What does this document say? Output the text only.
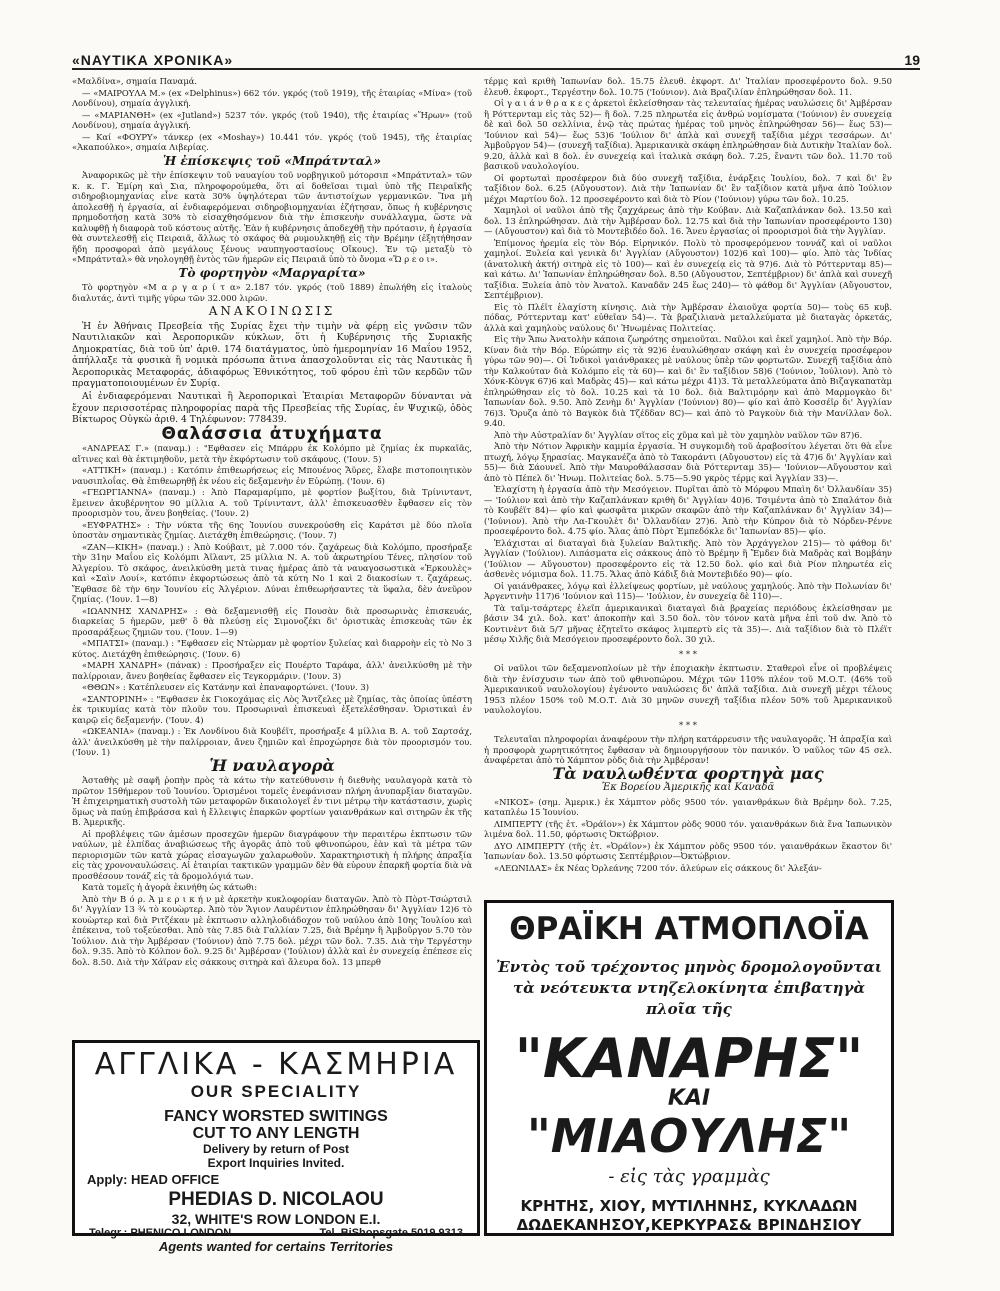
«ΝΑΥΤΙΚΑ ΧΡΟΝΙΚΑ»	19

«Μαλδίνα», σημαία Παναμά.

— «ΜΑΙΡΟΥΛΑ Μ.» (ex «Delphinus») 662 τόν. γκρός (τοῦ 1919), τῆς ἑταιρίας «Μίνα» (τοῦ Λονδίνου), σημαία ἀγγλική.

— «ΜΑΡΙΑΝΘΗ» (ex «Jutland») 5237 τόν. γκρός (τοῦ 1940), τῆς ἑταιρίας «Ἥρων» (τοῦ Λονδίνου), σημαία ἀγγλική.

— Καί «ΦΟΥΡΥ» τάνκερ (ex «Moshay») 10.441 τόν. γκρός (τοῦ 1945), τῆς ἑταιρίας «Ἀκαπούλκο», σημαία Λιβερίας.

Ἡ ἐπίσκεψις τοῦ «Μπράτνταλ»

Ἀναφορικῶς μὲ τὴν ἐπίσκεψιν τοῦ ναυαγίου τοῦ νορβηγικοῦ μότορσιπ «Μπράτνταλ» τῶν κ. κ. Γ. Ἐμίρη καὶ Σια, πληροφορούμεθα, ὅτι αἱ δοθεῖσαι τιμαὶ ὑπὸ τῆς Πειραϊκῆς σιδηροβιομηχανίας εἶνε κατὰ 30% ὑψηλότεραι τῶν ἀντιστοίχων γερμανικῶν. Ἵνα μὴ ἀπολεσθῇ ἡ ἐργασία, αἱ ἐνδιαφερόμεναι σιδηροβιομηχανίαι ἐζήτησαν, ὅπως ἡ κυβέρνησις πρημοδοτήσῃ κατὰ 30% τὸ εἰσαχθησόμενον διὰ τὴν ἐπισκευὴν συνάλλαγμα, ὥστε νὰ καλυφθῇ ἡ διαφορὰ τοῦ κόστους αὐτῆς. Ἐὰν ἡ κυβέρνησις ἀποδεχθῇ τὴν πρότασιν, ἡ ἐργασία θὰ συντελεσθῇ εἰς Πειραιᾶ, ἄλλως τὸ σκάφος θὰ ρυμουλκηθῇ εἰς τὴν Βρέμην (ἐξητήθησαν ἤδη προσφοραὶ ἀπὸ μεγάλους ξένους ναυπηγοστασίους Οἴκους). Ἐν τῷ μεταξὺ τὸ «Μπράτνταλ» θὰ νηολογηθῇ ἐντὸς τῶν ἡμερῶν εἰς Πειραιᾶ ὑπὸ τὸ ὄνομα «Ὥ ρ ε ο ι».

Τὸ φορτηγὸν «Μαργαρίτα»

Τὸ φορτηγὸν «Μ α ρ γ α ρ ί τ α» 2.187 τόν. γκρός (τοῦ 1889) ἐπωλήθη εἰς ἰταλοὺς διαλυτάς, ἀντὶ τιμῆς γύρω τῶν 32.000 λιρῶν.

ΑΝΑΚΟΙΝΩΣΙΣ

Ἡ ἐν Ἀθήναις Πρεσβεία τῆς Συρίας ἔχει τὴν τιμὴν νὰ φέρῃ εἰς γνῶσιν τῶν Ναυτιλιακῶν καὶ Ἀεροπορικῶν κύκλων, ὅτι ἡ Κυβέρνησις τῆς Συριακῆς Δημοκρατίας, διὰ τοῦ ὑπ' ἀριθ. 174 διατάγματος, ὑπὸ ἡμερομηνίαν 16 Μαΐου 1952, ἀπήλλαξε τὰ φυσικὰ ἢ νομικὰ πρόσωπα ἅτινα ἀπασχολοῦνται εἰς τὰς Ναυτικὰς ἢ Ἀεροπορικὰς Μεταφοράς, ἀδιαφόρως Ἐθνικότητος, τοῦ φόρου ἐπὶ τῶν κερδῶν τῶν πραγματοποιουμένων ἐν Συρίᾳ.

Αἱ ἐνδιαφερόμεναι Ναυτικαὶ ἢ Ἀεροπορικαὶ Ἑταιρίαι Μεταφορῶν δύνανται νὰ ἔχουν περισσοτέρας πληροφορίας παρὰ τῆς Πρεσβείας τῆς Συρίας, ἐν Ψυχικῷ, ὁδὸς Βίκτωρος Οὐγκὼ ἀριθ. 4 Τηλέφωνον: 778439.

Θαλάσσια ἀτυχήματα

«ΑΝΔΡΕΑΣ Γ.» (παναμ.) : "Εφθασεν εἰς Μπάρρυ ἐκ Κολόμπο μὲ ζημίας ἐκ πυρκαϊᾶς, αἴτινες καὶ θὰ ἐκτιμηθοῦν, μετὰ τὴν ἐκφόρτωσιν τοῦ σκάφους. ('Ιουν. 5)

«ΑΤΤΙΚΗ» (παναμ.) : Κατόπιν ἐπιθεωρήσεως εἰς Μπουένος Ἄϋρες, ἔλαβε πιστοποιητικὸν ναυσιπλοΐας. Θὰ ἐπιθεωρηθῇ ἐκ νέου εἰς δεξαμενὴν ἐν Εὐρώπῃ. ('Ιουν. 6)

«ΓΕΩΡΓΙΑΝΝΑ» (παναμ.) : Ἀπὸ Παραμαρίμπο, μὲ φορτίον βωξίτου, διὰ Τρίνινταντ, ἔμεινεν ἀκυβέρνητον 90 μίλλια Α. τοῦ Τρίνινταντ, ἀλλ' ἐπισκευασθὲν ἔφθασεν εἰς τὸν προορισμὸν του, ἄνευ βοηθείας. ('Ιουν. 2)

«ΕΥΦΡΑΤΗΣ» : Τὴν νύκτα τῆς 6ης Ἰουνίου συνεκρούσθη εἰς Καράτσι μὲ δύο πλοῖα ὑποστὰν σημαντικὰς ζημίας. Διετάχθη ἐπιθεώρησις. ('Ιουν. 7)

«ΖΑΝ—ΚΙΚΗ» (παναμ.) : Ἀπὸ Κούβαιτ, μὲ 7.000 τόν. ζαχάρεως διὰ Κολόμπο, προσήραξε τὴν 31ην Μαΐου εἰς Κολόμπι Ἀϊλαντ, 25 μίλλια Ν. Α. τοῦ ἀκρωτηρίου Τένες, πλησίον τοῦ Ἀλγερίου. Τὸ σκάφος, ἀνειλκύσθη μετὰ τινας ἡμέρας ἀπὸ τὰ ναυαγοσωστικὰ «Ἑρκουλὲς» καὶ «Σαὶν Λουί», κατόπιν ἐκφορτώσεως ἀπὸ τὰ κύτη No 1 καὶ 2 διακοσίων τ. ζαχάρεως. Ἔφθασε δὲ τὴν 6ην Ἰουνίου εἰς Ἀλγέριον. Δύναι ἐπιθεωρήσαντες τὰ ὕφαλα, δὲν ἀνεῦρον ζημίας. ('Ιουν. 1—8)

«ΙΩΑΝΝΗΣ ΧΑΝΔΡΗΣ» : Θὰ δεξαμενισθῇ εἰς Πουσὰν διὰ προσωρινὰς ἐπισκευάς, διαρκείας 5 ἡμερῶν, μεθ' ὃ θὰ πλεύσῃ εἰς Σιμονοζέκι δι' ὁριστικὰς ἐπισκευὰς τῶν ἐκ προσαράξεως ζημιῶν του. ('Ιουν. 1—9)

«ΜΠΑΤΣΙ» (παναμ.) : "Εφθασεν εἰς Ντὼρμαν μὲ φορτίον ξυλείας καὶ διαρροὴν εἰς τὸ Νο 3 κύτος. Διετάχθη ἐπιθεώρησις. ('Ιουν. 6)

«ΜΑΡΗ ΧΑΝΔΡΗ» (πάνακ) : Προσήραξεν εἰς Πουέρτο Ταράφα, ἀλλ' ἀνειλκύσθη μὲ τὴν παλίρροιαν, ἄνευ βοηθείας ἔφθασεν εἰς Τεγκορμάριν. ('Ιουν. 3)

«ΘΘΩΝ» : Κατέπλευσεν εἰς Κατάνην καὶ ἐπαναφορτώνει. ('Ιουν. 3)

«ΣΑΝΤΟΡΙΝΗ» : "Εφθασεν ἐκ Γιοκοχάμας εἰς Λὸς Ἄντζελες μὲ ζημίας, τὰς ὁποίας ὑπέστη ἐκ τρικυμίας κατὰ τὸν πλοῦν του. Προσωριναὶ ἐπισκευαὶ ἐξετελέσθησαν. Ὁριστικαὶ ἐν καιρῷ εἰς δεξαμενήν. ('Ιουν. 4)

«ΩΚΕΑΝΙΑ» (παναμ.) : Ἐκ Λονδίνου διὰ Κουβέϊτ, προσήραξε 4 μίλλια Β. Α. τοῦ Σαρτσάχ, ἀλλ' ἀνειλκύσθη μὲ τὴν παλίρροιαν, ἄνευ ζημιῶν καὶ ἐπροχώρησε διὰ τὸν προορισμόν του. ('Ιουν. 1)

Ἡ ναυλαγορὰ

Ἀσταθὴς μὲ σαφῆ ῥοπὴν πρὸς τὰ κάτω τὴν κατεύθυνσιν ἡ διεθνὴς ναυλαγορὰ κατὰ τὸ πρῶτον 15θήμερον τοῦ Ἰουνίου. Ὁρισμένοι τομεῖς ἐνεφάνισαν πλήρη ἀνυπαρξίαν διαταγῶν. Ἡ ἐπιχειρηματικὴ συστολὴ τῶν μεταφορῶν δικαιολογεῖ ἐν τινι μέτρῳ τὴν κατάστασιν, χωρὶς ὅμως νὰ παύῃ ἐπιβράσσα καὶ ἡ ἔλλειψις ἐπαρκῶν φορτίων γαιανθράκων καὶ σιτηρῶν ἐκ τῆς Β. Ἀμερικῆς.

Αἱ προβλέψεις τῶν ἀμέσων προσεχῶν ἡμερῶν διαγράφουν τὴν περαιτέρω ἐκπτωσιν τῶν ναύλων, μὲ ἐλπίδας ἀναβιώσεως τῆς ἀγορᾶς ἀπὸ τοῦ φθινοπώρου, ἐὰν καὶ τὰ μέτρα τῶν περιορισμῶν τῶν κατὰ χώρας εἰσαγωγῶν χαλαρωθοῦν. Χαρακτηριστικὴ ἡ πλήρης ἀπραξία εἰς τὰς χρονοναυλώσεις. Αἱ ἑταιρίαι τακτικῶν γραμμῶν δὲν θὰ εὑρουν ἐπαρκῆ φορτία διὰ νὰ προσθέσουν τονάζ εἰς τὰ δρομολόγιά των.

Κατὰ τομεῖς ἡ ἀγορὰ ἐκινήθη ὡς κάτωθι:

Ἀπὸ τὴν Β ό ρ. Ἀ μ ε ρ ι κ ή ν μὲ ἀρκετὴν κυκλοφορίαν διαταγῶν. Ἀπὸ τὸ Πὸρτ-Τσώρτσιλ δι' Ἀγγλίαν 13 ¾ τὸ κουὼρτερ. Ἀπὸ τὸν Ἅγιον Λαυρέντιον ἐπληρώθησαν δι' Ἀγγλίαν 12)6 τὸ κουὼρτερ καὶ διὰ Ριτζέκαν μὲ ἐκπτωσιν αλληλοδιάδοχον τοῦ ναύλου ἀπὸ 10ης Ἰουλίου καὶ ἐπέκεινα, τοῦ τοξεύεσθαι. Ἀπὸ τὰς 7.85 διὰ Γαλλίαν 7.25, διὰ Βρέμην ἢ Ἀμβοῦργον 5.70 τὸν Ἰούλιον. Διὰ τὴν Ἀμβέρσαν ('Ιούνιον) ἀπὸ 7.75 δολ. μέχρι τῶν δολ. 7.35. Διὰ τὴν Τεργέστην δολ. 9.35. Ἀπὸ τὸ Κόλπον δολ. 9.25 δι' Ἀμβέρσαν ('Ιούλιον) ἀλλὰ καὶ ἐν συνεχείᾳ ἐπέπεσε εἰς δολ. 8.50. Διὰ τὴν Χάϊραν εἰς σάκκους σιτηρὰ καὶ ἄλευρα δολ. 13 μπερθ

ΑΓΓΛΙΚΑ - ΚΑΣΜΗΡΙΑ
OUR SPECIALITY
FANCY WORSTED SWITINGS
CUT TO ANY LENGTH
Delivery by return of Post
Export Inquiries Invited.
Apply: HEAD OFFICE
PHEDIAS D. NICOLAOU
32, WHITE'S ROW LONDON E.I.
Telegr.: PHENICO LONDON	Tel. BiShopsgate 5019 9313
Agents wanted for certains Territories

τέρμς καὶ κριθὴ Ἰαπωνίαν δολ. 15.75 ἐλευθ. ἐκφορτ. Δι' Ἰταλίαν προσεφέροντο δολ. 9.50 ἐλευθ. ἐκφορτ., Τεργέστην δολ. 10.75 ('Ιούνιον). Διὰ Βραζιλίαν ἐπληρώθησαν δολ. 11.

Οἱ γ α ι ά ν θ ρ α κ ε ς ἀρκετοὶ ἐκλείσθησαν τὰς τελευταίας ἡμέρας ναυλώσεις δι' Ἀμβέρσαν ἢ Ρόττερνταμ εἰς τὰς 52)— ἢ δολ. 7.25 πληρωτέα εἰς ἀνθρώ νομίσματα ('Ιούνιον) ἐν συνεχείᾳ δὲ καὶ δολ 50 σελλίνια, ἐνῷ τὰς πρώτας ἡμέρας τοῦ μηνὸς ἐπληρώθησαν 56)— ἕως 53)— 'Ιούνιον καὶ 54)— ἕως 53)6 'Ιούλιον δι' ἁπλὰ καὶ συνεχῆ ταξίδια μέχρι τεσσάρων. Δι' Ἀμβοῦργον 54)— (συνεχῆ ταξίδια). Ἀμερικανικὰ σκάφη ἐπληρώθησαν διὰ Δυτικὴν Ἰταλίαν δολ. 9.20, ἀλλὰ καὶ 8 δολ. ἐν συνεχείᾳ καὶ ἰταλικὰ σκάφη δολ. 7.25, ἔναντι τῶν δολ. 11.70 τοῦ βασικοῦ ναυλολογίου.

Οἱ φορτωταὶ προσέφερον διὰ δύο συνεχῆ ταξίδια, ἐνάρξεις Ἰουλίου, δολ. 7 καὶ δι' ἓν ταξίδιον δολ. 6.25 (Αὔγουστον). Διὰ τὴν Ἰαπωνίαν δι' ἓν ταξίδιον κατὰ μῆνα ἀπὸ Ἰούλιον μέχρι Μαρτίου δολ. 12 προσεφέροντο καὶ διὰ τὸ Ρίον ('Ιούνιον) γύρω τῶν δολ. 10.25.

Χαμηλοὶ οἱ ναῦλοι ἀπὸ τῆς ζαχχάρεως ἀπὸ τὴν Κούβαν. Διὰ Καζαπλάνκαν δολ. 13.50 καὶ δολ. 13 ἐπληρώθησαν. Διὰ τὴν Ἀμβέρσαν δολ. 12.75 καὶ διὰ τὴν Ἰαπωνίαν προσεφέροντο 130)— (Αὔγουστον) καὶ διὰ τὸ Μοντεβιδέο δολ. 16. Ἄνευ ἐργασίας οἱ προορισμοὶ διὰ τὴν Ἀγγλίαν.

Ἐπίμονος ἠρεμία εἰς τὸν Βόρ. Εἰρηνικόν. Πολὺ τὸ προσφερόμενον τοννάζ καὶ οἱ ναῦλοι χαμηλοί. Ξυλεία καὶ γενικὰ δι' Ἀγγλίαν (Αὔγουστον) 102)6 καὶ 100)— φίο. Ἀπὸ τὰς Ἰνδίας (ἀνατολικὴ ἀκτή) σιτηρὰ εἰς τὸ 100)— καὶ ἐν συνεχείᾳ εἰς τὰ 97)6. Διὰ τὸ Ρόττερνταμ 85)— καὶ κάτω. Δι' Ἰαπωνίαν ἐπληρώθησαν δολ. 8.50 (Αὔγουστον, Σεπτέμβριον) δι' ἁπλὰ καὶ συνεχῆ ταξίδια. Ξυλεία ἀπὸ τὸν Ἀνατολ. Καναδᾶν 245 ἕως 240)— τὸ φάθομ δι' Ἀγγλίαν (Αὔγουστον, Σεπτέμβριον).

Εἰς τὸ Πλέϊτ ἐλαχίστη κίνησις. Διὰ τὴν Ἀμβέρσαν ἐλαιοῦχα φορτία 50)— τοὺς 65 κυβ. πόδας, Ρόττερνταμ κατ' εὐθεῖαν 54)—. Τὰ βραζιλιανὰ μεταλλεύματα μὲ διαταγὰς ὀρκετάς, ἀλλὰ καὶ χαμηλοὺς ναύλους δι' Ἡνωμένας Πολιτείας.

Εἰς τὴν Ἄπω Ἀνατολὴν κάποια ζωηρότης σημειοῦται. Ναῦλοι καὶ ἐκεῖ χαμηλοί. Ἀπὸ τὴν Βόρ. Κίναν διὰ τὴν Βόρ. Εὐρώπην εἰς τὰ 92)6 ἐναυλώθησαν σκάφη καὶ ἐν συνεχείᾳ προσέφερον γύρω τῶν 90)—. Οἱ Ἰνδικοὶ γαιάνθρακες μὲ ναύλους ὑπὲρ τῶν φορτωτῶν. Συνεχῆ ταξίδια ἀπὸ τὴν Καλκούταν διὰ Κολόμπο εἰς τὰ 60)— καὶ δι' ἓν ταξίδιον 58)6 ('Ιούνιον, Ἰούλιον). Ἀπὸ τὸ Χόνκ-Κὸνγκ 67)6 καὶ Μαδρὰς 45)— καὶ κάτω μέχρι 41)3. Τὰ μεταλλεύματα ἀπὸ Βιζαγκαπατὰμ ἐπληρώθησαν εἰς τὸ δολ. 10.25 καὶ τὰ 10 δολ. διὰ Βαλτιμόρην καὶ ἀπὸ Μαρμογκὰο δι' Ἰαπωνίαν δολ. 9.50. Ἀπὸ Ζενὴμ δι' Ἀγγλίαν ('Ιούνιον) 80)— φίο καὶ ἀπὸ Κοσσέϊρ δι' Ἀγγλίαν 76)3. Ὄρυζα ἀπὸ τὸ Βαγκὸκ διὰ Τζέδδαν 8C)— καὶ ἀπὸ τὸ Ραγκοὺν διὰ τὴν Μανίλλαν δολ. 9.40.

Ἀπὸ τὴν Αὐστραλίαν δι' Ἀγγλίαν σῖτος εἰς χῦμα καὶ μὲ τὸν χαμηλὸν ναῦλον τῶν 87)6.

Ἀπὸ τὴν Νότιον Ἀφρικὴν καμμία ἐργασία. Ἡ συγκομιδὴ τοῦ ἀραβοσίτου λέγεται ὅτι θὰ εἶνε πτωχή, λόγῳ ξηρασίας. Μαγκανέζα ἀπὸ τὸ Τακοράντι (Αὔγουστον) εἰς τὰ 47)6 δι' Ἀγγλίαν καὶ 55)— διὰ Σάουνεϊ. Ἀπὸ τὴν Μαυροθάλασσαν διὰ Ρόττερνταμ 35)— 'Ιούνιον—Αὔγουστον καὶ ἀπὸ τὸ Πέπελ δι' Ἡνωμ. Πολιτείας δολ. 5.75—5.90 γκρὸς τέρμς καὶ Ἀγγλίαν 33)—.

Ἐλαχίστη ἡ ἐργασία ἀπὸ τὴν Μεσόγειον. Πυρῖται ἀπὸ τὸ Μόρφου Μπαὶη δι' Ὀλλανδίαν 35)— 'Ιούλιον καὶ ἀπὸ τὴν Καζαπλάνκαν κριθὴ δι' Ἀγγλίαν 40)6. Τσιμέντα ἀπὸ τὸ Σπαλάτον διὰ τὸ Κουβέϊτ 84)— φίο καὶ φωσφᾶτα μικρῶν σκαφῶν ἀπὸ τὴν Καζαπλάνκαν δι' Ἀγγλίαν 34)— ('Ιούνιον). Ἀπὸ τὴν Λα-Γκουλὲτ δι' Ὀλλανδίαν 27)6. Ἀπὸ τὴν Κύπρον διὰ τὸ Νόρδεν-Ρέννε προσεφέροντο δολ. 4.75 φίο. Ἄλας ἀπὸ Πὸρτ Ἐμπεδόκλε δι' Ἰαπωνίαν 85)— φίο.

Ἐλάχισται αἱ διαταγαὶ διὰ ξυλείαν Βαλτικῆς. Ἀπὸ τὸν Ἀρχάγγελον 215)— τὸ φάθομ δι' Ἀγγλίαν ('Ιούλιον). Λιπάσματα εἰς σάκκους ἀπὸ τὸ Βρέμην ἢ Ἔμδεν διὰ Μαδρὰς καὶ Βομβάην ('Ιούλιον — Αὔγουστον) προσεφέροντο εἰς τὰ 12.50 δολ. φίο καὶ διὰ Ρίον πληρωτέα εἰς ἀσθενὲς νόμισμα δολ. 11.75. Ἄλας ἀπὸ Κάδιξ διὰ Μοντεβιδέο 90)— φίο.

Οἱ γαιάνθρακες, λόγῳ καὶ ἐλλείψεως φορτίων, μὲ ναύλους χαμηλούς. Ἀπὸ τὴν Πολωνίαν δι' Ἀργεντινὴν 117)6 'Ιούνιον καὶ 115)— 'Ιούλιον, ἐν συνεχείᾳ δὲ 110)—.

Τὰ ταϊμ-τσάρτερς ἐλεῖπ ἀμερικανικαὶ διαταγαὶ διὰ βραχείας περιόδους ἐκλείσθησαν με βάσιν 34 χιλ. δολ. κατ' ἀποκοπὴν καὶ 3.50 δολ. τὸν τόνον κατὰ μῆνα ἐπὶ τοῦ dw. Ἀπὸ τὸ Κοντινὲντ διὰ 5/7 μῆνας ἐζητεῖτο σκάφος λιμπερτὺ εἰς τὰ 35)—. Διὰ ταξίδιον διὰ τὸ Πλέϊτ μέσῳ Χιλῆς διὰ Μεσόγειον προσεφέροντο δολ. 30 χιλ.

* * *

Οἱ ναῦλοι τῶν δεξαμενοπλοίων μὲ τὴν ἐποχιακὴν ἐκπτωσιν. Σταθεροὶ εἶνε οἱ προβλέψεις διὰ τὴν ἐνίσχυσιν των ἀπὸ τοῦ φθινοπώρου. Μέχρι τῶν 110% πλέον τοῦ Μ.Ο.Τ. (46% τοῦ Ἀμερικανικοῦ ναυλολογίου) ἐγένοντο ναυλώσεις δι' ἁπλᾶ ταξίδια. Διὰ συνεχῆ μέχρι τέλους 1953 πλέον 150% τοῦ Μ.Ο.Τ. Διὰ 30 μηνῶν συνεχῆ ταξίδια πλέον 50% τοῦ Ἀμερικανικοῦ ναυλολογίου.

* * *

Τελευταῖαι πληροφορίαι ἀναφέρουν τὴν πλήρη κατάρρευσιν τῆς ναυλαγορᾶς. Ἡ ἀπραξία καὶ ἡ προσφορὰ χωρητικότητος ἔφθασαν νὰ δημιουργήσουν τὸν πανικόν. Ὁ ναῦλος τῶν 45 σελ. ἀναφέρεται ἀπὸ τὸ Χάμπτον ρὸδς διὰ τὴν Ἀμβέρσαν!

Τὰ ναυλωθέντα φορτηγὰ μας
Ἐκ Βορείου Ἀμερικῆς καὶ Καναδᾶ

«ΝΙΚΟΣ» (σημ. Ἀμερικ.) ἐκ Χάμπτον ρὸδς 9500 τόν. γαιανθράκων διὰ Βρέμην δολ. 7.25, καταπλέω 15 Ἰουνίου.

ΛΙΜΠΕΡΤΥ (τῆς ἑτ. «Ὀράϊον») ἐκ Χάμπτον ρὸδς 9000 τόν. γαιανθράκων διὰ ἕνα Ἰαπωνικὸν λιμένα δολ. 11.50, φόρτωσις Ὀκτώβριον.

ΔΥΟ ΛΙΜΠΕΡΤΥ (τῆς ἑτ. «Ὀράϊον») ἐκ Χάμπτον ρὸδς 9500 τόν. γαιανθράκων ἕκαστον δι' Ἰαπωνίαν δολ. 13.50 φόρτωσις Σεπτέμβριον—Ὀκτώβριον.

«ΛΕΩΝΙΔΑΣ» ἐκ Νέας Ὀρλεάνης 7200 τόν. ἀλεύρων εἰς σάκκους δι' Ἀλεξάν-

ΘΡΑΪΚΗ ΑΤΜΟΠΛΟΪΑ
Ἐντὸς τοῦ τρέχοντος μηνὸς δρομολογοῦνται τὰ νεότευκτα ντηζελοκίνητα ἐπιβατηγὰ πλοῖα τῆς
"ΚΑΝΑΡΗΣ"
ΚΑΙ
"ΜΙΑΟΥΛΗΣ"
- εἰς τὰς γραμμὰς
ΚΡΗΤΗΣ, ΧΙΟΥ, ΜΥΤΙΛΗΝΗΣ, ΚΥΚΛΑΔΩΝ
ΔΩΔΕΚΑΝΗΣΟΥ,ΚΕΡΚΥΡΑΣ& ΒΡΙΝΔΗΣΙΟΥ
